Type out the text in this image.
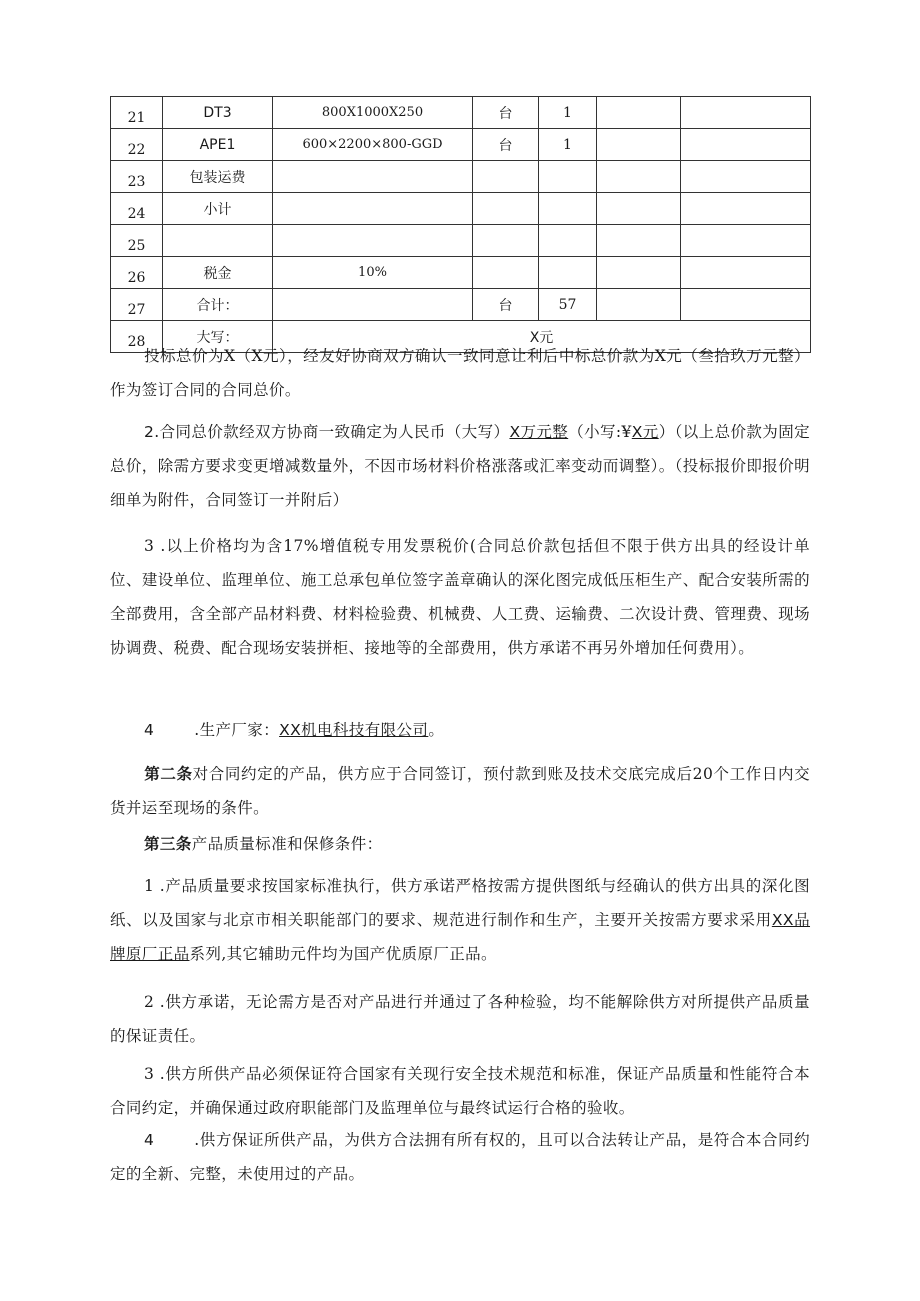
21	DT3	800X1000X250	台	1		
22	APE1	600×2200×800-GGD	台	1		
23	包装运费					
24	小计					
25						
26	税金	10%				
27	合计：		台	57		
28	大写：	X元				

投标总价为X（X元），经友好协商双方确认一致同意让利后中标总价款为X元（叁拾玖万元整）作为签订合同的合同总价。

2.合同总价款经双方协商一致确定为人民币（大写）X万元整（小写:¥X元）（以上总价款为固定总价，除需方要求变更增减数量外，不因市场材料价格涨落或汇率变动而调整）。（投标报价即报价明细单为附件，合同签订一并附后）

3 .以上价格均为含17%增值税专用发票税价(合同总价款包括但不限于供方出具的经设计单位、建设单位、监理单位、施工总承包单位签字盖章确认的深化图完成低压柜生产、配合安装所需的全部费用，含全部产品材料费、材料检验费、机械费、人工费、运输费、二次设计费、管理费、现场协调费、税费、配合现场安装拼柜、接地等的全部费用，供方承诺不再另外增加任何费用）。

4	.生产厂家：XX机电科技有限公司。

第二条对合同约定的产品，供方应于合同签订，预付款到账及技术交底完成后20个工作日内交货并运至现场的条件。

第三条产品质量标准和保修条件：

1 .产品质量要求按国家标准执行，供方承诺严格按需方提供图纸与经确认的供方出具的深化图纸、以及国家与北京市相关职能部门的要求、规范进行制作和生产，主要开关按需方要求采用XX品牌原厂正品系列,其它辅助元件均为国产优质原厂正品。

2 .供方承诺，无论需方是否对产品进行并通过了各种检验，均不能解除供方对所提供产品质量的保证责任。

3 .供方所供产品必须保证符合国家有关现行安全技术规范和标准，保证产品质量和性能符合本合同约定，并确保通过政府职能部门及监理单位与最终试运行合格的验收。

4	.供方保证所供产品，为供方合法拥有所有权的，且可以合法转让产品，是符合本合同约定的全新、完整，未使用过的产品。
